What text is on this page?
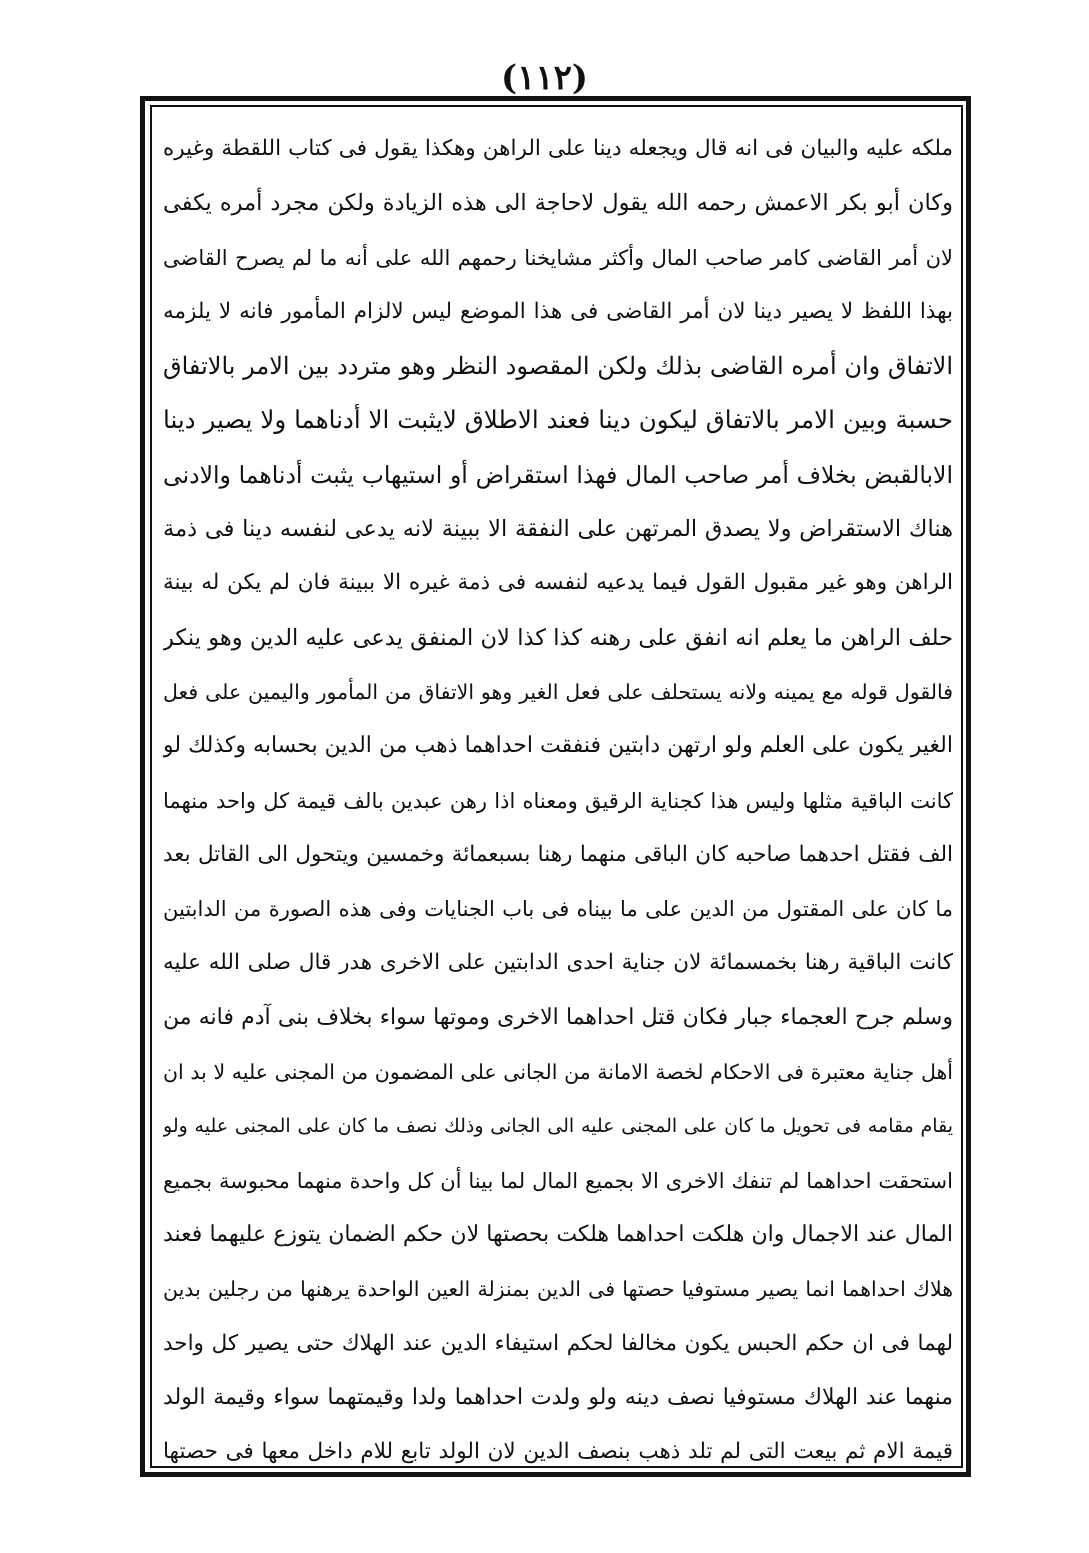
(١١٢)
ملكه عليه والبيان فى انه قال ويجعله دينا على الراهن وهكذا يقول فى كتاب اللقطة وغيره
وكان أبو بكر الاعمش رحمه الله يقول لاحاجة الى هذه الزيادة ولكن مجرد أمره يكفى
لان أمر القاضى كامر صاحب المال وأكثر مشايخنا رحمهم الله على أنه ما لم يصرح القاضى
بهذا اللفظ لا يصير دينا لان أمر القاضى فى هذا الموضع ليس لالزام المأمور فانه لا يلزمه
الاتفاق وان أمره القاضى بذلك ولكن المقصود النظر وهو متردد بين الامر بالاتفاق
حسبة وبين الامر بالاتفاق ليكون دينا فعند الاطلاق لايثبت الا أدناهما ولا يصير دينا
الابالقبض بخلاف أمر صاحب المال فهذا استقراض أو استيهاب يثبت أدناهما والادنى
هناك الاستقراض ولا يصدق المرتهن على النفقة الا ببينة لانه يدعى لنفسه دينا فى ذمة
الراهن وهو غير مقبول القول فيما يدعيه لنفسه فى ذمة غيره الا ببينة فان لم يكن له بينة
حلف الراهن ما يعلم انه انفق على رهنه كذا كذا لان المنفق يدعى عليه الدين وهو ينكر
فالقول قوله مع يمينه ولانه يستحلف على فعل الغير وهو الاتفاق من المأمور واليمين على فعل
الغير يكون على العلم ولو ارتهن دابتين فنفقت احداهما ذهب من الدين بحسابه وكذلك لو
كانت الباقية مثلها وليس هذا كجناية الرقيق ومعناه اذا رهن عبدين بالف قيمة كل واحد منهما
الف فقتل احدهما صاحبه كان الباقى منهما رهنا بسبعمائة وخمسين ويتحول الى القاتل بعد
ما كان على المقتول من الدين على ما بيناه فى باب الجنايات وفى هذه الصورة من الدابتين
كانت الباقية رهنا بخمسمائة لان جناية احدى الدابتين على الاخرى هدر قال صلى الله عليه
وسلم جرح العجماء جبار فكان قتل احداهما الاخرى وموتها سواء بخلاف بنى آدم فانه من
أهل جناية معتبرة فى الاحكام لخصة الامانة من الجانى على المضمون من المجنى عليه لا بد ان
يقام مقامه فى تحويل ما كان على المجنى عليه الى الجانى وذلك نصف ما كان على المجنى عليه ولو
استحقت احداهما لم تنفك الاخرى الا بجميع المال لما بينا أن كل واحدة منهما محبوسة بجميع
المال عند الاجمال وان هلكت احداهما هلكت بحصتها لان حكم الضمان يتوزع عليهما فعند
هلاك احداهما انما يصير مستوفيا حصتها فى الدين بمنزلة العين الواحدة يرهنها من رجلين بدين
لهما فى ان حكم الحبس يكون مخالفا لحكم استيفاء الدين عند الهلاك حتى يصير كل واحد
منهما عند الهلاك مستوفيا نصف دينه ولو ولدت احداهما ولدا وقيمتهما سواء وقيمة الولد
قيمة الام ثم بيعت التى لم تلد ذهب بنصف الدين لان الولد تابع للام داخل معها فى حصتها
